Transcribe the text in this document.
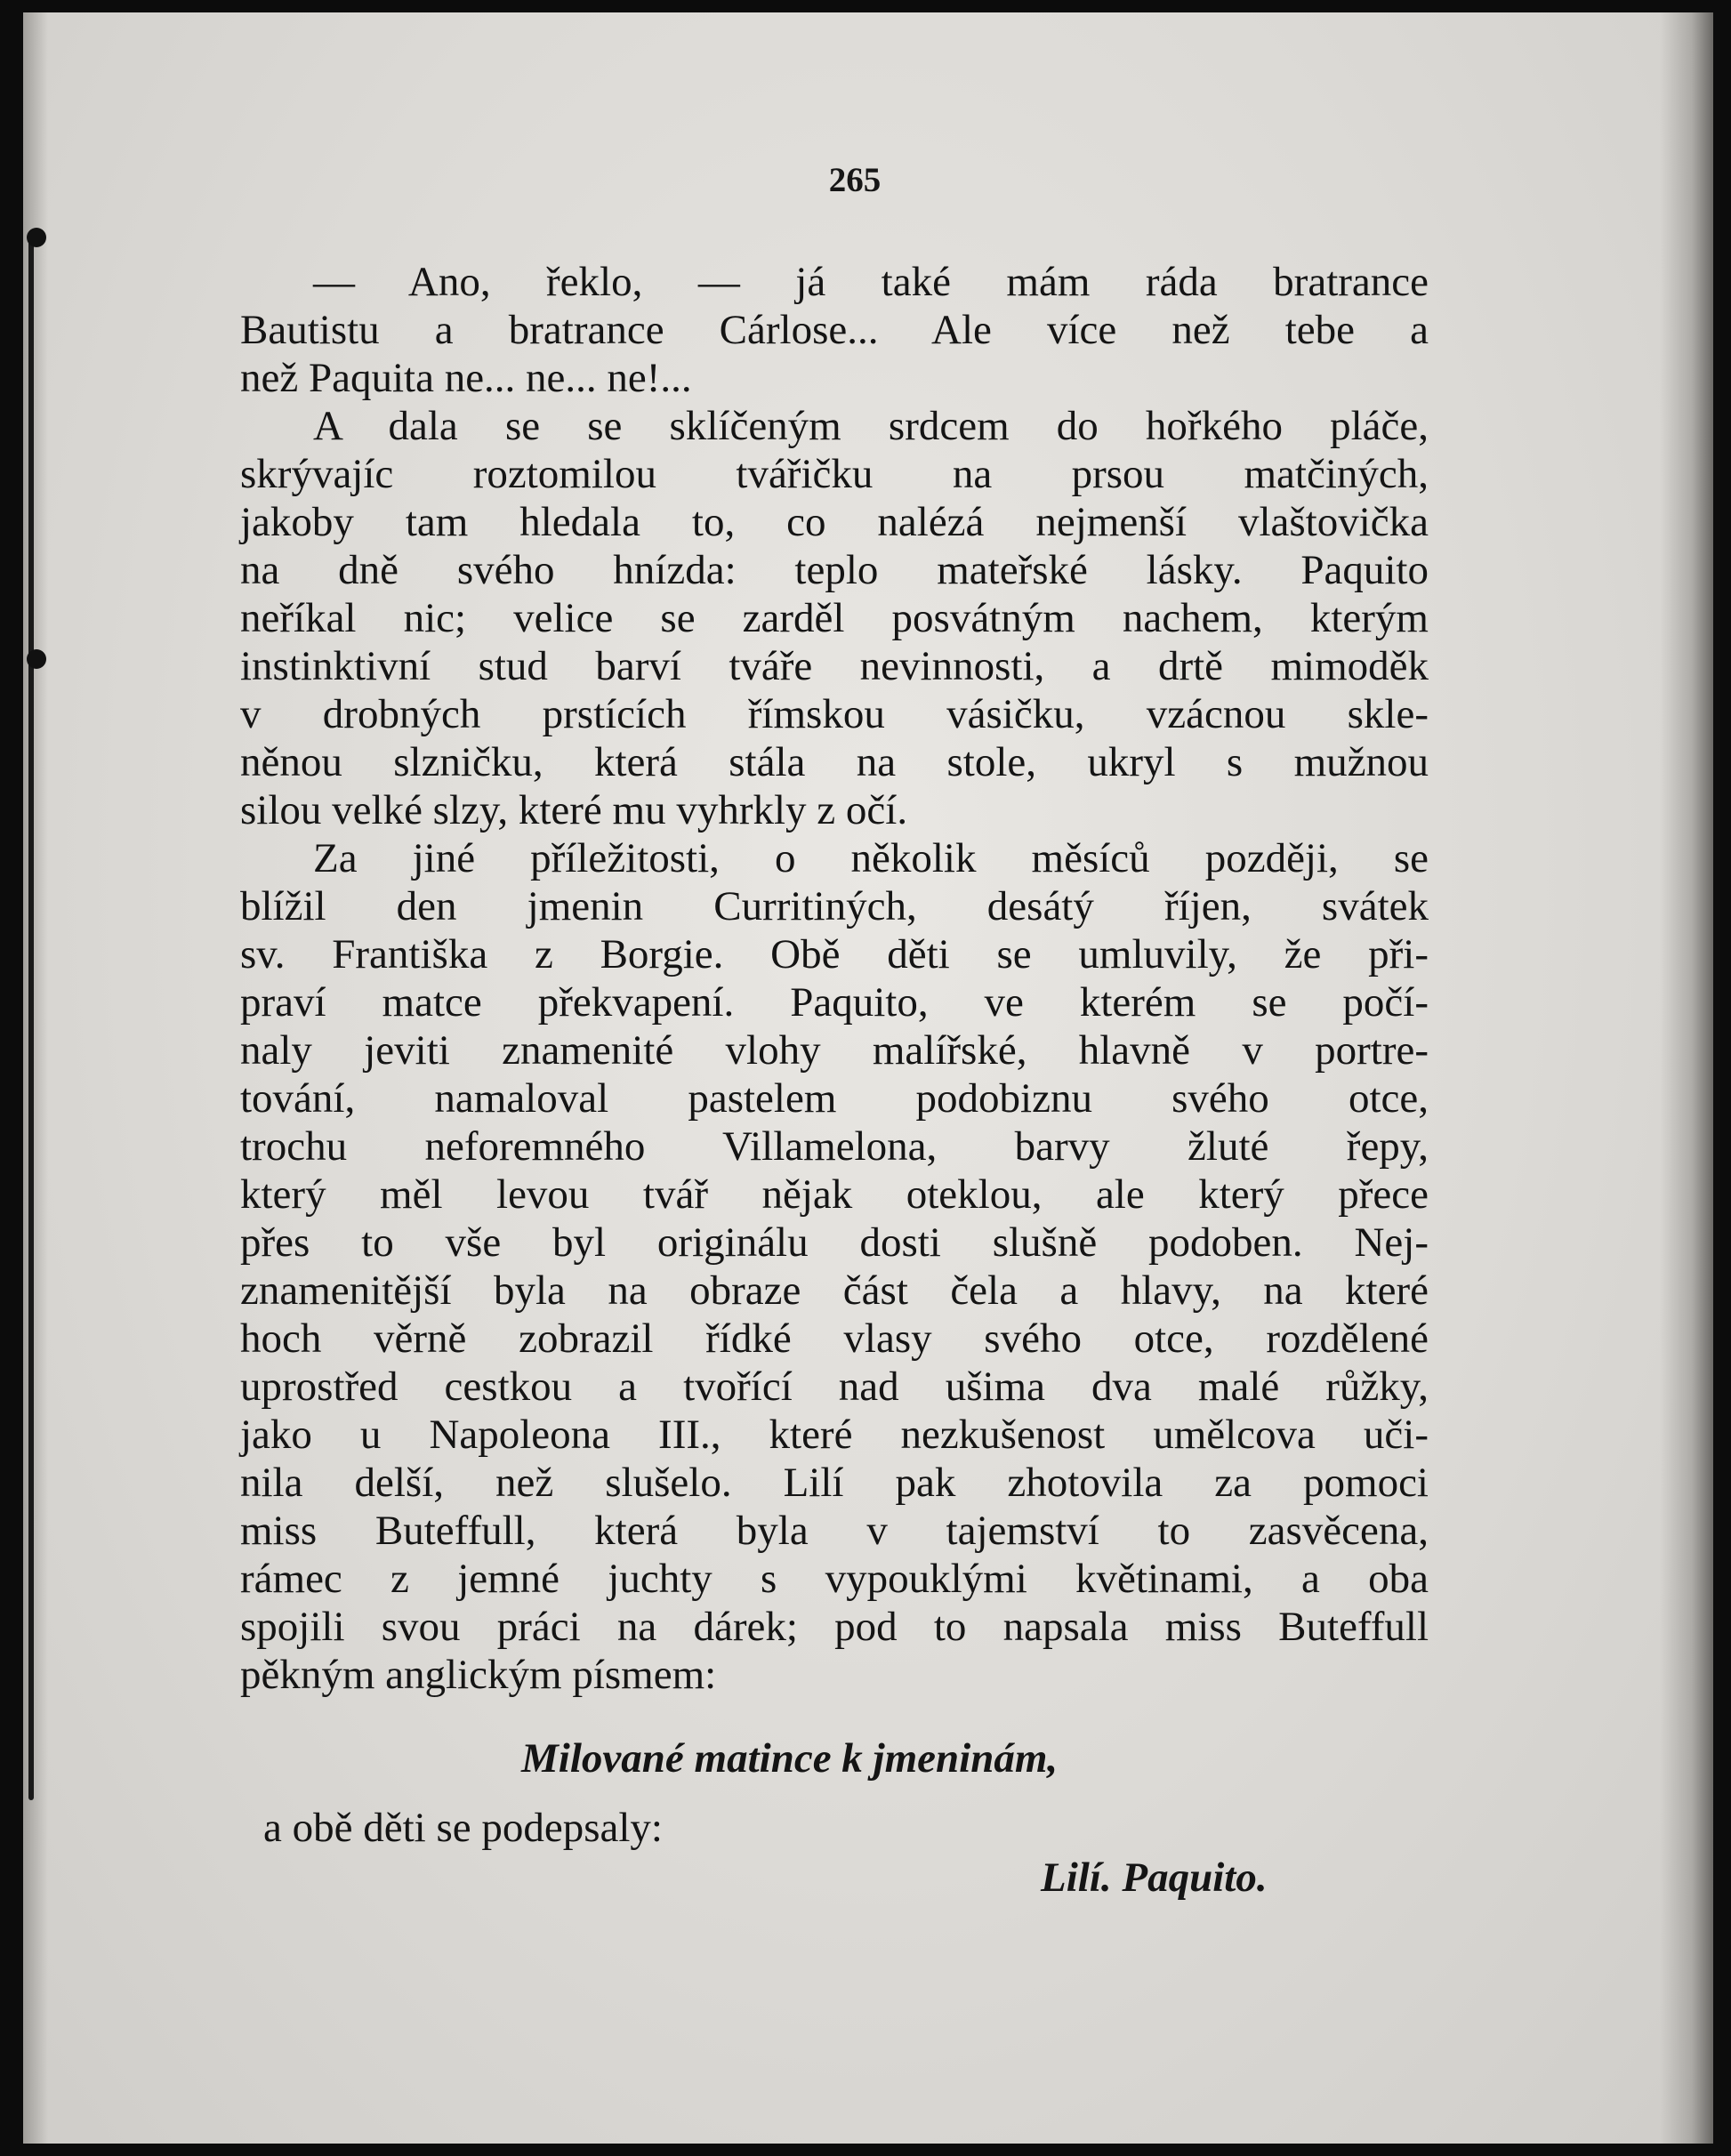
265
— Ano, řeklo, — já také mám ráda bratrance
Bautistu a bratrance Cárlose... Ale více než tebe a
než Paquita ne... ne... ne!...
A dala se se sklíčeným srdcem do hořkého pláče,
skrývajíc roztomilou tvářičku na prsou matčiných,
jakoby tam hledala to, co nalézá nejmenší vlaštovička
na dně svého hnízda: teplo mateřské lásky. Paquito
neříkal nic; velice se zarděl posvátným nachem, kterým
instinktivní stud barví tváře nevinnosti, a drtě mimoděk
v drobných prstících římskou vásičku, vzácnou skle-
něnou slzničku, která stála na stole, ukryl s mužnou
silou velké slzy, které mu vyhrkly z očí.
Za jiné příležitosti, o několik měsíců později, se
blížil den jmenin Curritiných, desátý říjen, svátek
sv. Františka z Borgie. Obě děti se umluvily, že při-
praví matce překvapení. Paquito, ve kterém se počí-
naly jeviti znamenité vlohy malířské, hlavně v portre-
tování, namaloval pastelem podobiznu svého otce,
trochu neforemného Villamelona, barvy žluté řepy,
který měl levou tvář nějak oteklou, ale který přece
přes to vše byl originálu dosti slušně podoben. Nej-
znamenitější byla na obraze část čela a hlavy, na které
hoch věrně zobrazil řídké vlasy svého otce, rozdělené
uprostřed cestkou a tvořící nad ušima dva malé růžky,
jako u Napoleona III., které nezkušenost umělcova uči-
nila delší, než slušelo. Lilí pak zhotovila za pomoci
miss Buteffull, která byla v tajemství to zasvěcena,
rámec z jemné juchty s vypouklými květinami, a oba
spojili svou práci na dárek; pod to napsala miss Buteffull
pěkným anglickým písmem:
Milované matince k jmeninám,
a obě děti se podepsaly:
Lilí. Paquito.
